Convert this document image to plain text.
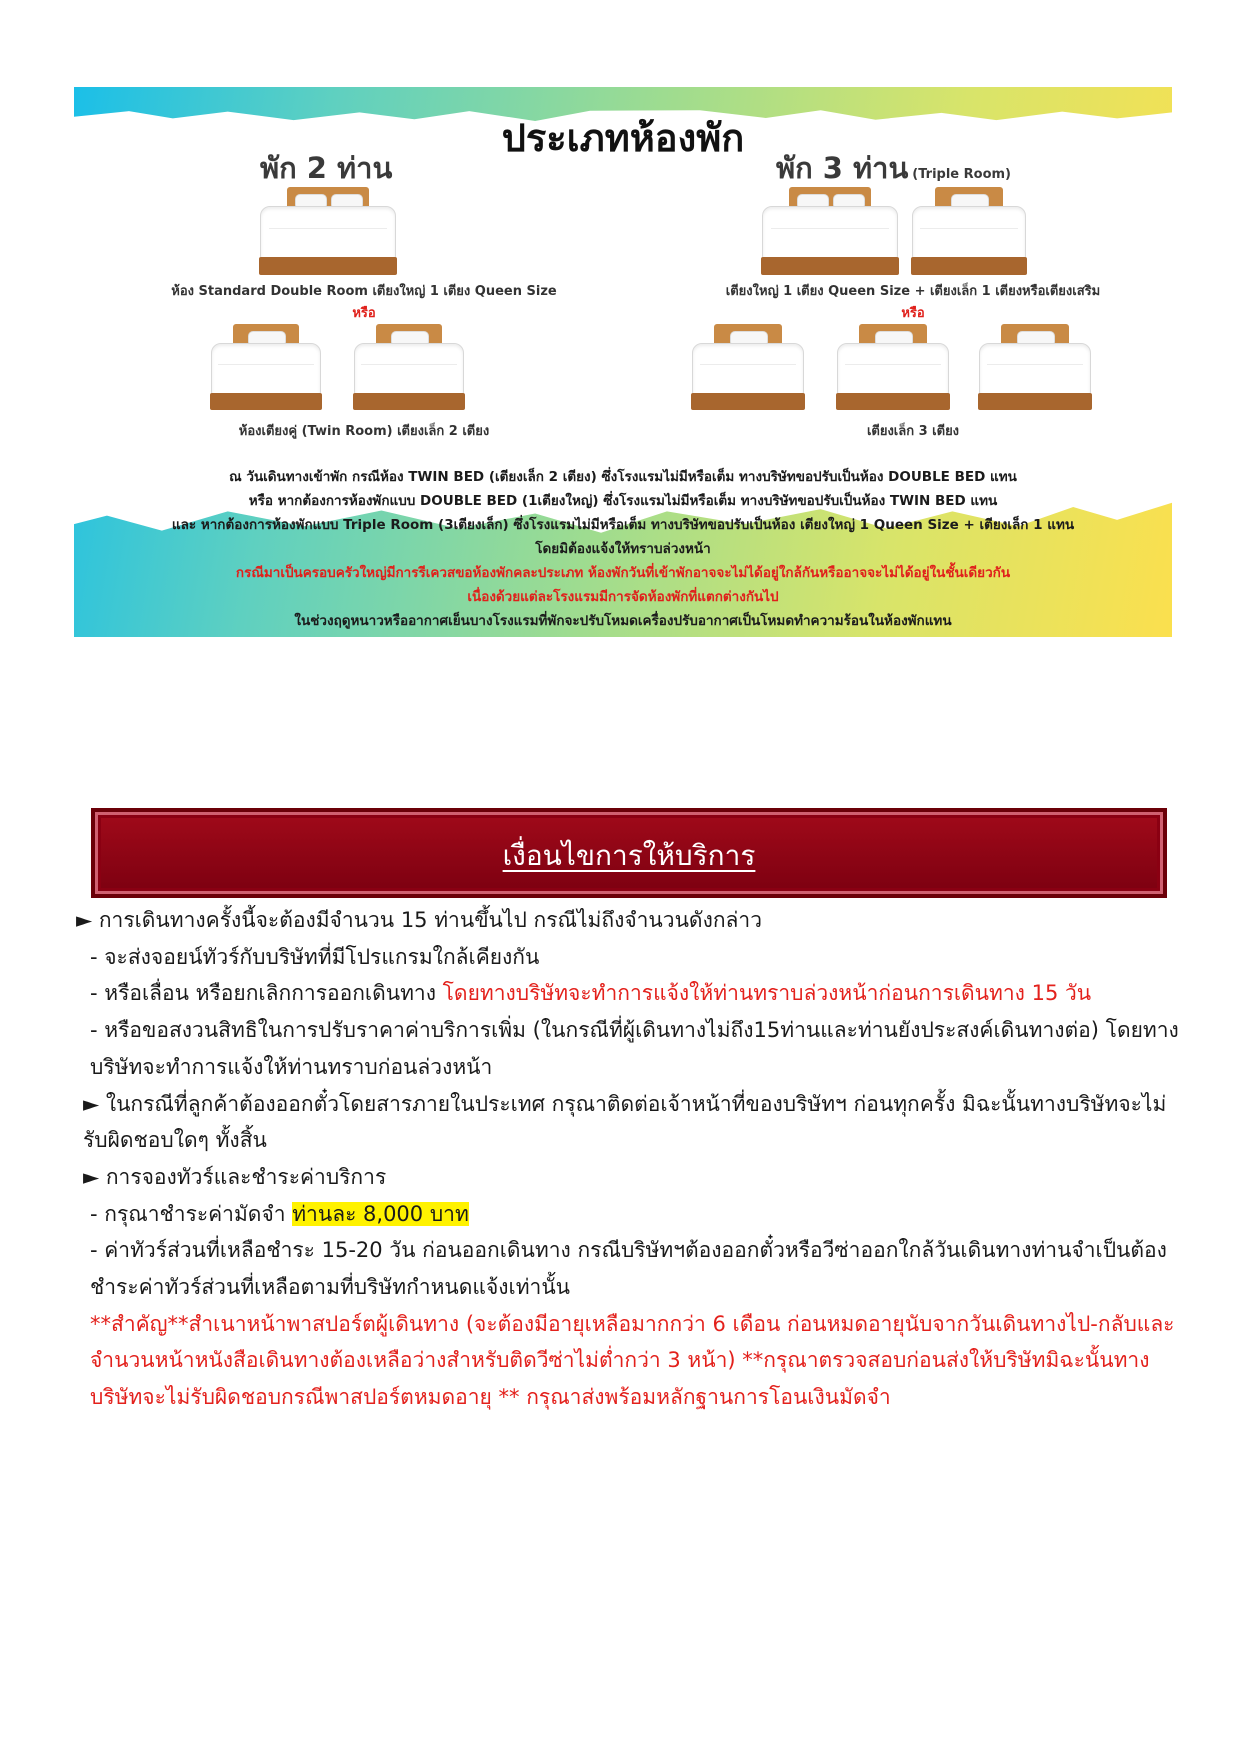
ประเภทห้องพัก
พัก 2 ท่าน	พัก 3 ท่าน (Triple Room)
ห้อง Standard Double Room เตียงใหญ่ 1 เตียง Queen Size
หรือ
ห้องเตียงคู่ (Twin Room) เตียงเล็ก 2 เตียง
เตียงใหญ่ 1 เตียง Queen Size + เตียงเล็ก 1 เตียงหรือเตียงเสริม
หรือ
เตียงเล็ก 3 เตียง
ณ วันเดินทางเข้าพัก กรณีห้อง TWIN BED (เตียงเล็ก 2 เตียง) ซึ่งโรงแรมไม่มีหรือเต็ม ทางบริษัทขอปรับเป็นห้อง DOUBLE BED แทน
หรือ หากต้องการห้องพักแบบ DOUBLE BED (1เตียงใหญ่) ซึ่งโรงแรมไม่มีหรือเต็ม ทางบริษัทขอปรับเป็นห้อง TWIN BED แทน
และ หากต้องการห้องพักแบบ Triple Room (3เตียงเล็ก) ซึ่งโรงแรมไม่มีหรือเต็ม ทางบริษัทขอปรับเป็นห้อง เตียงใหญ่ 1 Queen Size + เตียงเล็ก 1 แทน
โดยมิต้องแจ้งให้ทราบล่วงหน้า
กรณีมาเป็นครอบครัวใหญ่มีการรีเควสขอห้องพักคละประเภท ห้องพักวันที่เข้าพักอาจจะไม่ได้อยู่ใกล้กันหรืออาจจะไม่ได้อยู่ในชั้นเดียวกัน
เนื่องด้วยแต่ละโรงแรมมีการจัดห้องพักที่แตกต่างกันไป
ในช่วงฤดูหนาวหรืออากาศเย็นบางโรงแรมที่พักจะปรับโหมดเครื่องปรับอากาศเป็นโหมดทำความร้อนในห้องพักแทน
เงื่อนไขการให้บริการ

► การเดินทางครั้งนี้จะต้องมีจำนวน 15 ท่านขึ้นไป กรณีไม่ถึงจำนวนดังกล่าว

- จะส่งจอยน์ทัวร์กับบริษัทที่มีโปรแกรมใกล้เคียงกัน

- หรือเลื่อน หรือยกเลิกการออกเดินทาง โดยทางบริษัทจะทำการแจ้งให้ท่านทราบล่วงหน้าก่อนการเดินทาง 15 วัน

- หรือขอสงวนสิทธิในการปรับราคาค่าบริการเพิ่ม (ในกรณีที่ผู้เดินทางไม่ถึง15ท่านและท่านยังประสงค์เดินทางต่อ) โดยทางบริษัทจะทำการแจ้งให้ท่านทราบก่อนล่วงหน้า

► ในกรณีที่ลูกค้าต้องออกตั๋วโดยสารภายในประเทศ กรุณาติดต่อเจ้าหน้าที่ของบริษัทฯ ก่อนทุกครั้ง มิฉะนั้นทางบริษัทจะไม่รับผิดชอบใดๆ ทั้งสิ้น

► การจองทัวร์และชำระค่าบริการ

- กรุณาชำระค่ามัดจำ ท่านละ 8,000 บาท

- ค่าทัวร์ส่วนที่เหลือชำระ 15-20 วัน ก่อนออกเดินทาง กรณีบริษัทฯต้องออกตั๋วหรือวีซ่าออกใกล้วันเดินทางท่านจำเป็นต้องชำระค่าทัวร์ส่วนที่เหลือตามที่บริษัทกำหนดแจ้งเท่านั้น

**สำคัญ**สำเนาหน้าพาสปอร์ตผู้เดินทาง (จะต้องมีอายุเหลือมากกว่า 6 เดือน ก่อนหมดอายุนับจากวันเดินทางไป-กลับและจำนวนหน้าหนังสือเดินทางต้องเหลือว่างสำหรับติดวีซ่าไม่ต่ำกว่า 3 หน้า) **กรุณาตรวจสอบก่อนส่งให้บริษัทมิฉะนั้นทางบริษัทจะไม่รับผิดชอบกรณีพาสปอร์ตหมดอายุ ** กรุณาส่งพร้อมหลักฐานการโอนเงินมัดจำ
